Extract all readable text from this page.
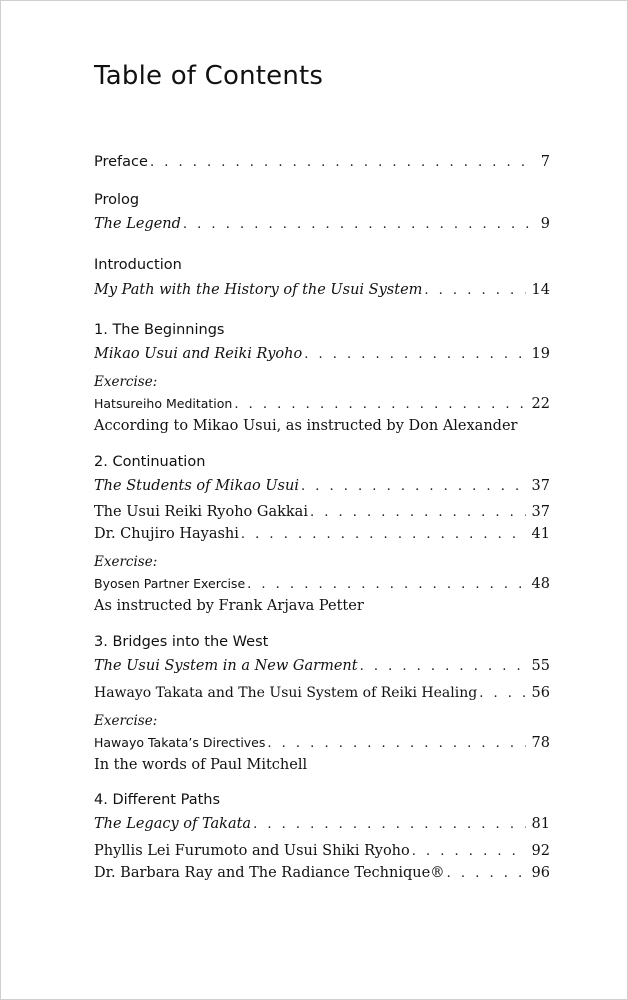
Table of Contents
Preface . . .	7
Prolog
The Legend . . .	9
Introduction
My Path with the History of the Usui System . . .	14
1. The Beginnings
Mikao Usui and Reiki Ryoho . . .	19
Exercise:
Hatsureiho Meditation . . .	22
According to Mikao Usui, as instructed by Don Alexander
2. Continuation
The Students of Mikao Usui . . .	37
The Usui Reiki Ryoho Gakkai . . .	37
Dr. Chujiro Hayashi . . .	41
Exercise:
Byosen Partner Exercise . . .	48
As instructed by Frank Arjava Petter
3. Bridges into the West
The Usui System in a New Garment . . .	55
Hawayo Takata and The Usui System of Reiki Healing . . .	56
Exercise:
Hawayo Takata’s Directives . . .	78
In the words of Paul Mitchell
4. Different Paths
The Legacy of Takata . . .	81
Phyllis Lei Furumoto and Usui Shiki Ryoho . . .	92
Dr. Barbara Ray and The Radiance Technique® . . .	96
